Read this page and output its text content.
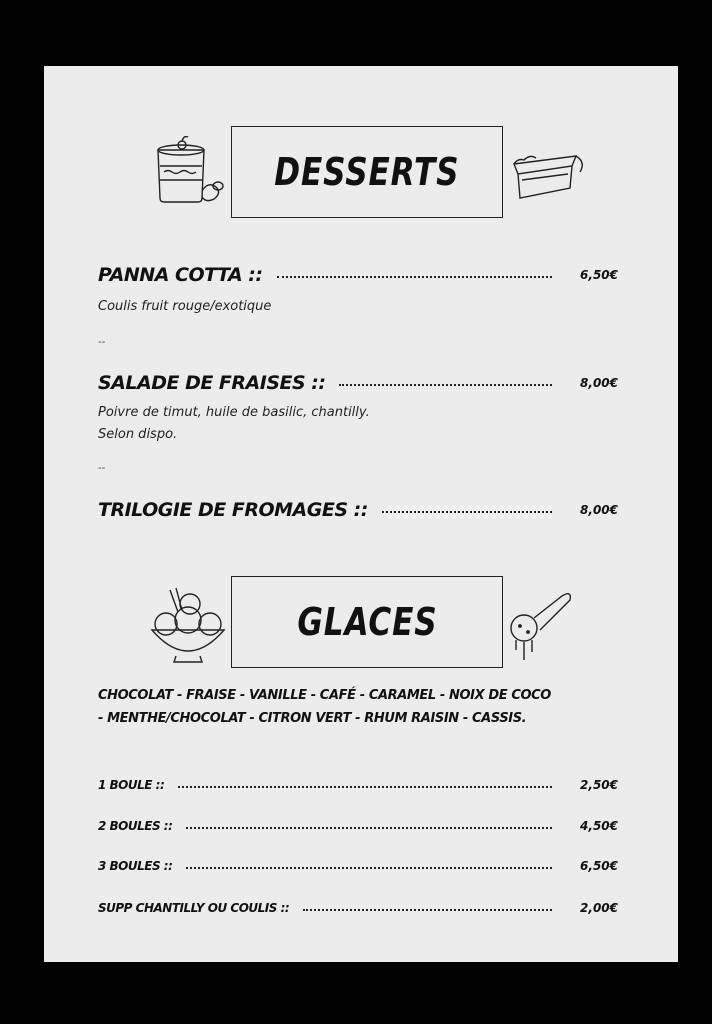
DESSERTS
PANNA COTTA ::	6,50€
Coulis fruit rouge/exotique
--
SALADE DE FRAISES ::	8,00€
Poivre de timut, huile de basilic, chantilly.
Selon dispo.
--
TRILOGIE DE FROMAGES ::	8,00€
GLACES
CHOCOLAT - FRAISE - VANILLE - CAFÉ - CARAMEL - NOIX DE COCO - MENTHE/CHOCOLAT - CITRON VERT - RHUM RAISIN - CASSIS.
1 BOULE ::	2,50€
2 BOULES ::	4,50€
3 BOULES ::	6,50€
SUPP CHANTILLY OU COULIS ::	2,00€
